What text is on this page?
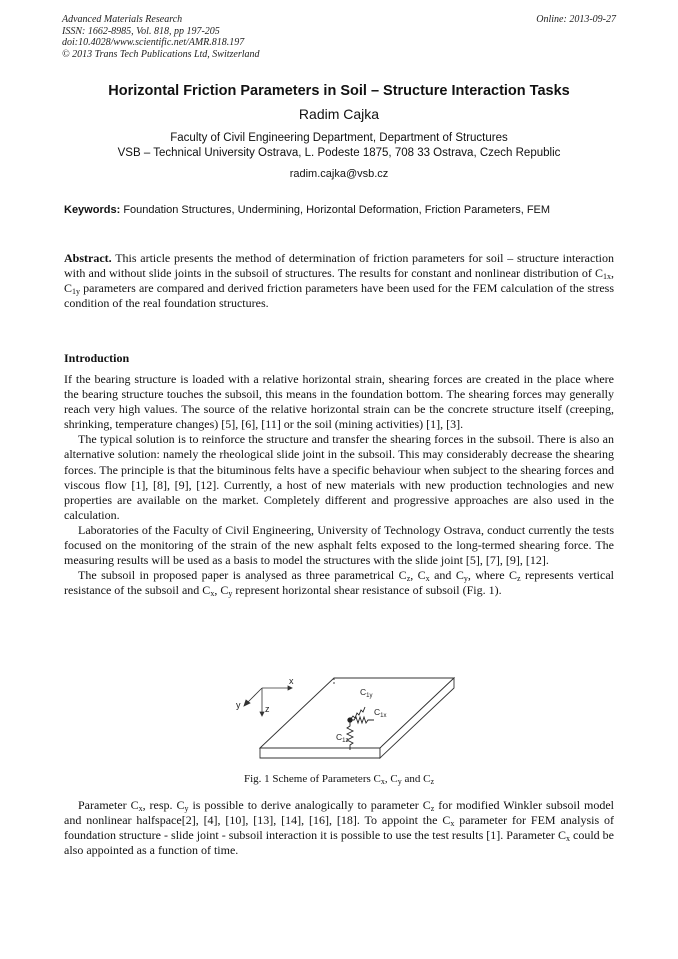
Advanced Materials Research
ISSN: 1662-8985, Vol. 818, pp 197-205
doi:10.4028/www.scientific.net/AMR.818.197
© 2013 Trans Tech Publications Ltd, Switzerland
Online: 2013-09-27
Horizontal Friction Parameters in Soil – Structure Interaction Tasks
Radim Cajka
Faculty of Civil Engineering Department, Department of Structures
VSB – Technical University Ostrava, L. Podeste 1875, 708 33 Ostrava, Czech Republic
radim.cajka@vsb.cz
Keywords: Foundation Structures, Undermining, Horizontal Deformation, Friction Parameters, FEM
Abstract. This article presents the method of determination of friction parameters for soil – structure interaction with and without slide joints in the subsoil of structures. The results for constant and nonlinear distribution of $C_{1x}$, $C_{1y}$ parameters are compared and derived friction parameters have been used for the FEM calculation of the stress condition of the real foundation structures.
Introduction

If the bearing structure is loaded with a relative horizontal strain, shearing forces are created in the place where the bearing structure touches the subsoil, this means in the foundation bottom. The shearing forces may generally reach very high values. The source of the relative horizontal strain can be the concrete structure itself (creeping, shrinking, temperature changes) [5], [6], [11] or the soil (mining activities) [1], [3].

The typical solution is to reinforce the structure and transfer the shearing forces in the subsoil. There is also an alternative solution: namely the rheological slide joint in the subsoil. This may considerably decrease the shearing forces. The principle is that the bituminous felts have a specific behaviour when subject to the shearing forces and viscous flow [1], [8], [9], [12]. Currently, a host of new materials with new production technologies and new properties are available on the market. Completely different and progressive approaches are also used in the calculation.

Laboratories of the Faculty of Civil Engineering, University of Technology Ostrava, conduct currently the tests focused on the monitoring of the strain of the new asphalt felts exposed to the long-termed shearing force. The measuring results will be used as a basis to model the structures with the slide joint [5], [7], [9], [12].

The subsoil in proposed paper is analysed as three parametrical $C_z$, $C_x$ and $C_y$, where $C_z$ represents vertical resistance of the subsoil and $C_x$, $C_y$ represent horizontal shear resistance of subsoil (Fig. 1).

x
y	z
$C_{1y}$
$C_{1x}$
$C_{1z}$
Fig. 1 Scheme of Parameters $C_x$, $C_y$ and $C_z$

Parameter $C_x$, resp. $C_y$ is possible to derive analogically to parameter $C_z$ for modified Winkler subsoil model and nonlinear halfspace[2], [4], [10], [13], [14], [16], [18]. To appoint the $C_x$ parameter for FEM analysis of foundation structure - slide joint - subsoil interaction it is possible to use the test results [1]. Parameter $C_x$ could be also appointed as a function of time.
